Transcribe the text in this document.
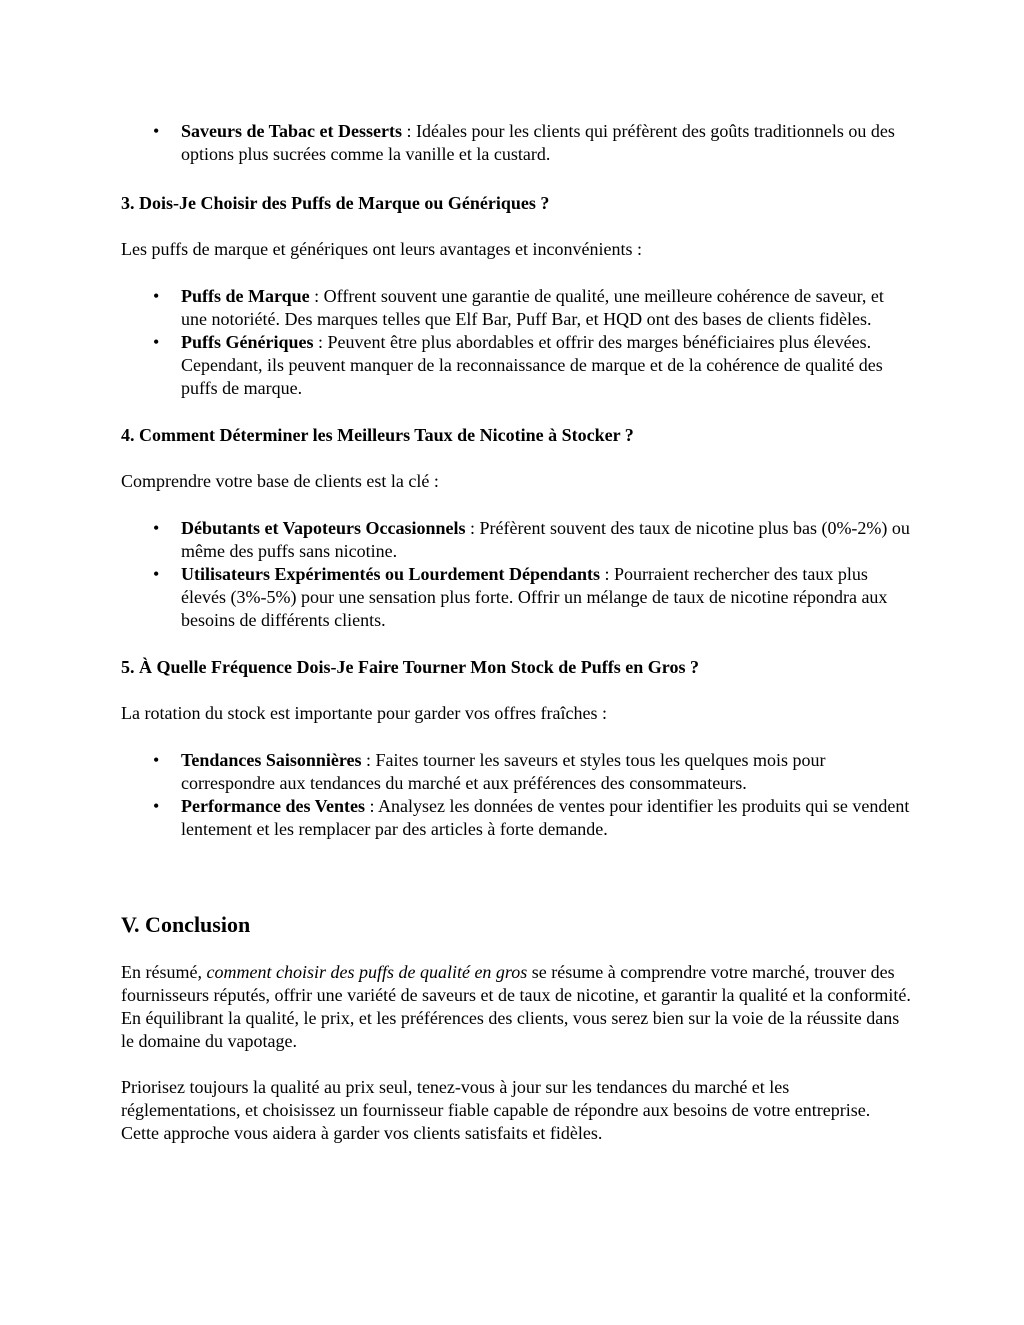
• Saveurs de Tabac et Desserts : Idéales pour les clients qui préfèrent des goûts traditionnels ou des options plus sucrées comme la vanille et la custard.
3. Dois-Je Choisir des Puffs de Marque ou Génériques ?

Les puffs de marque et génériques ont leurs avantages et inconvénients :

• Puffs de Marque : Offrent souvent une garantie de qualité, une meilleure cohérence de saveur, et une notoriété. Des marques telles que Elf Bar, Puff Bar, et HQD ont des bases de clients fidèles.
• Puffs Génériques : Peuvent être plus abordables et offrir des marges bénéficiaires plus élevées. Cependant, ils peuvent manquer de la reconnaissance de marque et de la cohérence de qualité des puffs de marque.
4. Comment Déterminer les Meilleurs Taux de Nicotine à Stocker ?

Comprendre votre base de clients est la clé :

• Débutants et Vapoteurs Occasionnels : Préfèrent souvent des taux de nicotine plus bas (0%-2%) ou même des puffs sans nicotine.
• Utilisateurs Expérimentés ou Lourdement Dépendants : Pourraient rechercher des taux plus élevés (3%-5%) pour une sensation plus forte. Offrir un mélange de taux de nicotine répondra aux besoins de différents clients.
5. À Quelle Fréquence Dois-Je Faire Tourner Mon Stock de Puffs en Gros ?

La rotation du stock est importante pour garder vos offres fraîches :

• Tendances Saisonnières : Faites tourner les saveurs et styles tous les quelques mois pour correspondre aux tendances du marché et aux préférences des consommateurs.
• Performance des Ventes : Analysez les données de ventes pour identifier les produits qui se vendent lentement et les remplacer par des articles à forte demande.
V. Conclusion

En résumé, comment choisir des puffs de qualité en gros se résume à comprendre votre marché, trouver des fournisseurs réputés, offrir une variété de saveurs et de taux de nicotine, et garantir la qualité et la conformité. En équilibrant la qualité, le prix, et les préférences des clients, vous serez bien sur la voie de la réussite dans le domaine du vapotage.

Priorisez toujours la qualité au prix seul, tenez-vous à jour sur les tendances du marché et les réglementations, et choisissez un fournisseur fiable capable de répondre aux besoins de votre entreprise. Cette approche vous aidera à garder vos clients satisfaits et fidèles.
